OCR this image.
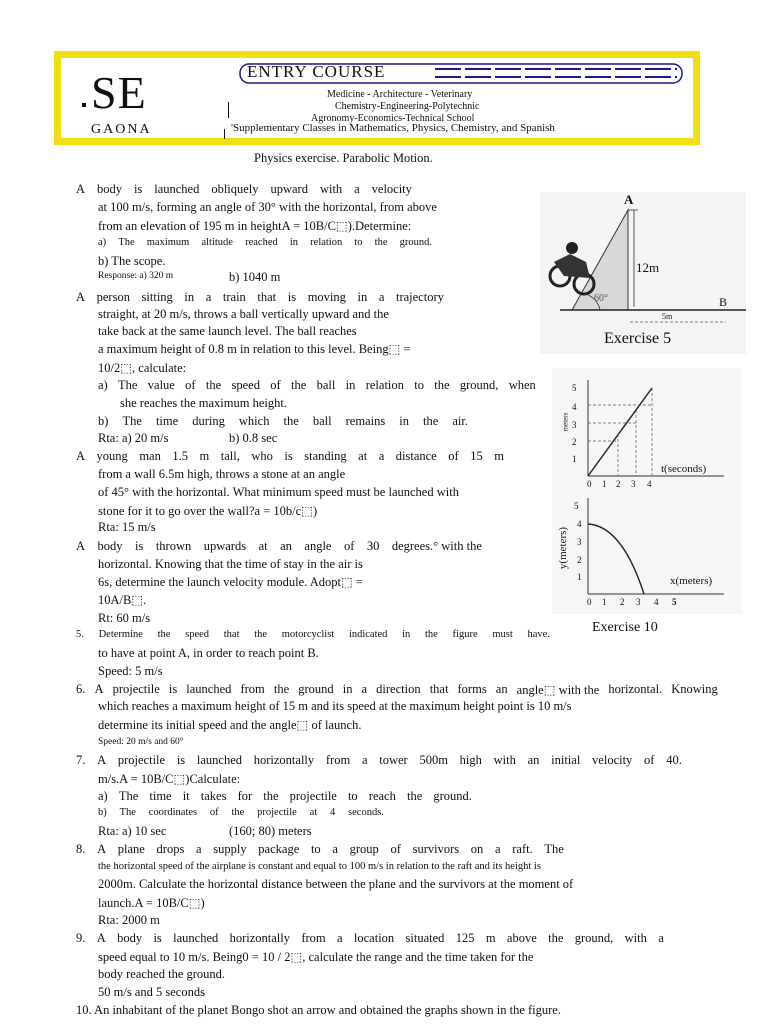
SE
GAONA
ENTRY COURSE
Medicine - Architecture - Veterinary
Chemistry-Engineering-Polytechnic
Agronomy-Economics-Technical School
'Supplementary Classes in Mathematics, Physics, Chemistry, and Spanish
Physics exercise. Parabolic Motion.
A body is launched obliquely upward with a velocity
at 100 m/s, forming an angle of 30° with the horizontal, from above
from an elevation of 195 m in heightA = 10B/C⬚).Determine:
a) The maximum altitude reached in relation to the ground.
b) The scope.
Response: a) 320 m	b) 1040 m
A person sitting in a train that is moving in a trajectory
straight, at 20 m/s, throws a ball vertically upward and the
take back at the same launch level. The ball reaches
a maximum height of 0.8 m in relation to this level. Being⬚ =
10/2⬚, calculate:
a) The value of the speed of the ball in relation to the ground, when
she reaches the maximum height.
b) The time during which the ball remains in the air.
Rta: a) 20 m/s	b) 0.8 sec
A young man 1.5 m tall, who is standing at a distance of 15 m
from a wall 6.5m high, throws a stone at an angle
of 45° with the horizontal. What minimum speed must be launched with
stone for it to go over the wall?a = 10b/c⬚)
Rta: 15 m/s
A body is thrown upwards at an angle of 30 degrees.° with the
horizontal. Knowing that the time of stay in the air is
6s, determine the launch velocity module. Adopt⬚ =
10A/B⬚.
Rt: 60 m/s
5. Determine the speed that the motorcyclist indicated in the figure must have.
to have at point A, in order to reach point B.
Speed: 5 m/s
6. A projectile is launched from the ground in a direction that forms an angle⬚ with the horizontal. Knowing
which reaches a maximum height of 15 m and its speed at the maximum height point is 10 m/s
determine its initial speed and the angle⬚ of launch.
Speed: 20 m/s and 60°
7. A projectile is launched horizontally from a tower 500m high with an initial velocity of 40.
m/s.A = 10B/C⬚)Calculate:
a) The time it takes for the projectile to reach the ground.
b) The coordinates of the projectile at 4 seconds.
Rta: a) 10 sec	(160; 80) meters
8. A plane drops a supply package to a group of survivors on a raft. The
the horizontal speed of the airplane is constant and equal to 100 m/s in relation to the raft and its height is
2000m. Calculate the horizontal distance between the plane and the survivors at the moment of
launch.A = 10B/C⬚)
Rta: 2000 m
9. A body is launched horizontally from a location situated 125 m above the ground, with a
speed equal to 10 m/s. Being0 = 10 / 2⬚, calculate the range and the time taken for the
body reached the ground.
50 m/s and 5 seconds
10. An inhabitant of the planet Bongo shot an arrow and obtained the graphs shown in the figure.
A
B
12m
60°
5m
Exercise 5
meters
t(seconds)
5
4
3
2
1
0 1 2 3 4
y(meters)
x(meters)
5
4
3
2
1
0 1 2 3 4 5
Exercise 10
